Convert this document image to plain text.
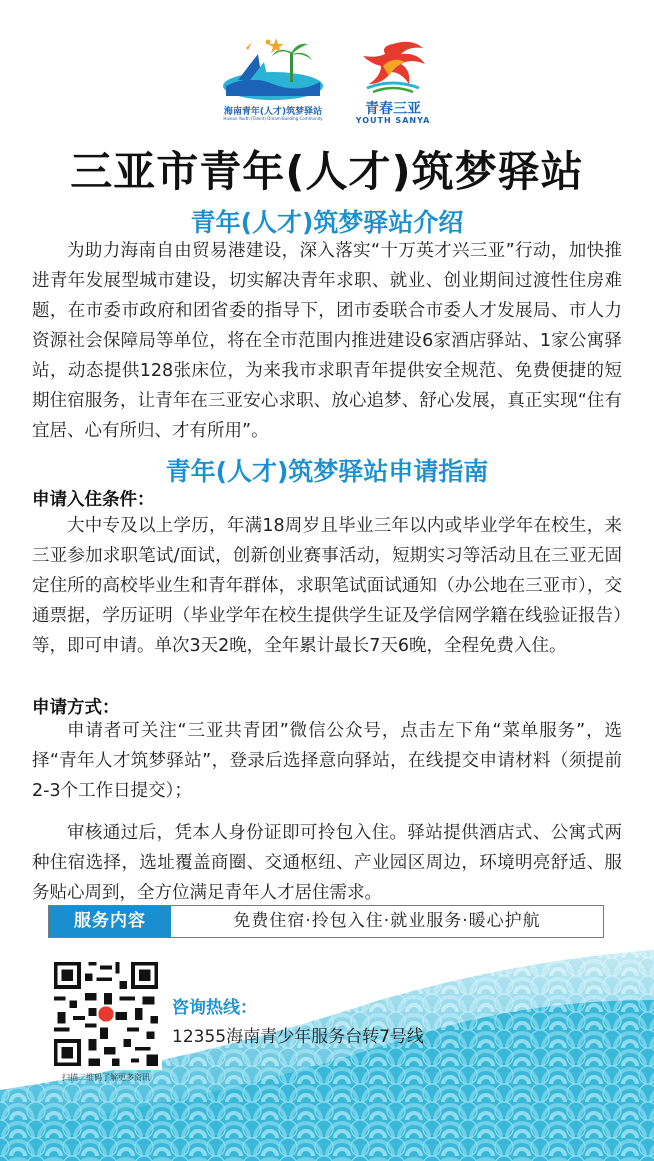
海南青年(人才)筑梦驿站
Hainan Youth (Talent) Dream-Building Community
青春三亚
YOUTH SANYA
三亚市青年(人才)筑梦驿站
青年(人才)筑梦驿站介绍

为助力海南自由贸易港建设，深入落实“十万英才兴三亚”行动，加快推进青年发展型城市建设，切实解决青年求职、就业、创业期间过渡性住房难题，在市委市政府和团省委的指导下，团市委联合市委人才发展局、市人力资源社会保障局等单位，将在全市范围内推进建设6家酒店驿站、1家公寓驿站，动态提供128张床位，为来我市求职青年提供安全规范、免费便捷的短期住宿服务，让青年在三亚安心求职、放心追梦、舒心发展，真正实现“住有宜居、心有所归、才有所用”。

青年(人才)筑梦驿站申请指南
申请入住条件：

大中专及以上学历，年满18周岁且毕业三年以内或毕业学年在校生，来三亚参加求职笔试/面试，创新创业赛事活动，短期实习等活动且在三亚无固定住所的高校毕业生和青年群体，求职笔试面试通知（办公地在三亚市），交通票据，学历证明（毕业学年在校生提供学生证及学信网学籍在线验证报告）等，即可申请。单次3天2晚，全年累计最长7天6晚，全程免费入住。

申请方式：

申请者可关注“三亚共青团”微信公众号，点击左下角“菜单服务”，选择“青年人才筑梦驿站”，登录后选择意向驿站，在线提交申请材料（须提前2-3个工作日提交）；

审核通过后，凭本人身份证即可拎包入住。驿站提供酒店式、公寓式两种住宿选择，选址覆盖商圈、交通枢纽、产业园区周边，环境明亮舒适、服务贴心周到，全方位满足青年人才居住需求。

服务内容	免费住宿·拎包入住·就业服务·暖心护航
扫描二维码了解更多资讯
咨询热线：
12355海南青少年服务台转7号线
